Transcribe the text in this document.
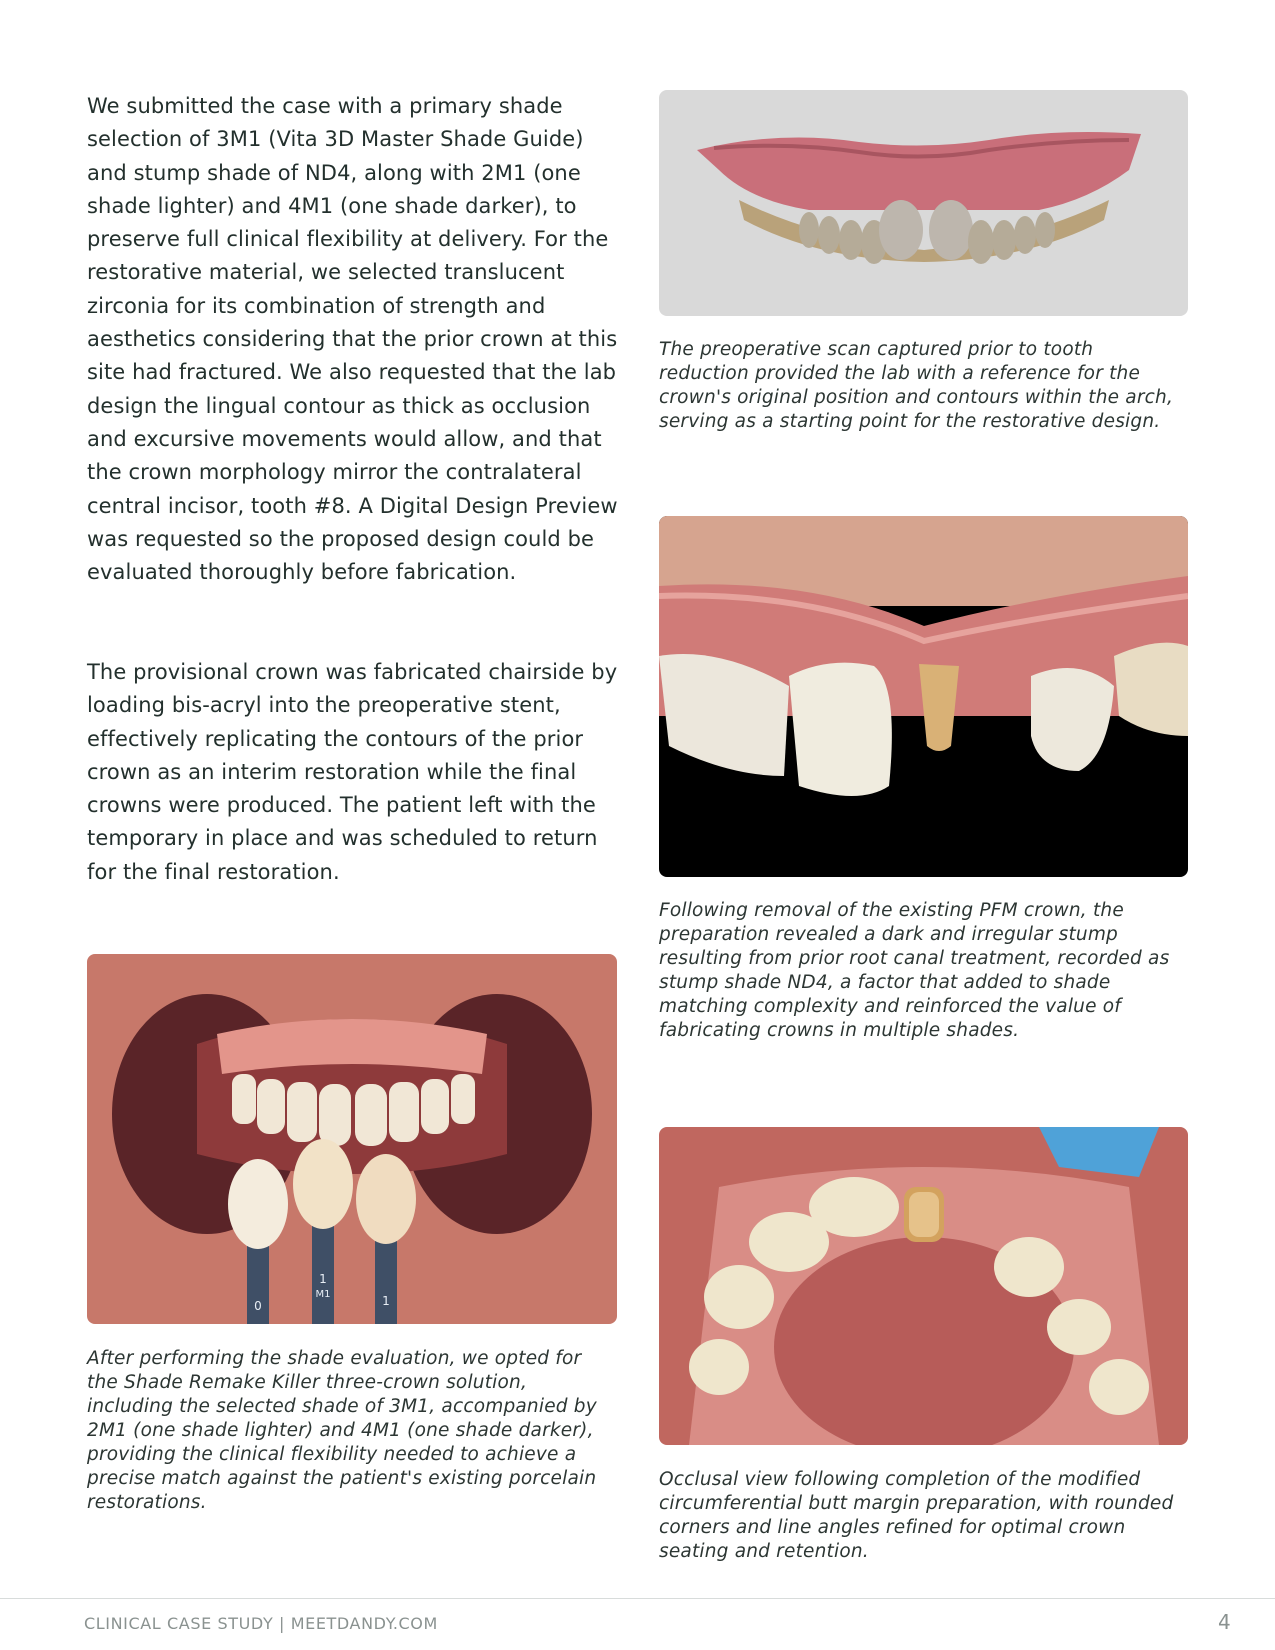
We submitted the case with a primary shade selection of 3M1 (Vita 3D Master Shade Guide) and stump shade of ND4, along with 2M1 (one shade lighter) and 4M1 (one shade darker), to preserve full clinical flexibility at delivery. For the restorative material, we selected translucent zirconia for its combination of strength and aesthetics considering that the prior crown at this site had fractured. We also requested that the lab design the lingual contour as thick as occlusion and excursive movements would allow, and that the crown morphology mirror the contralateral central incisor, tooth #8. A Digital Design Preview was requested so the proposed design could be evaluated thoroughly before fabrication.

The provisional crown was fabricated chairside by loading bis-acryl into the preoperative stent, effectively replicating the contours of the prior crown as an interim restoration while the final crowns were produced. The patient left with the temporary in place and was scheduled to return for the final restoration.

The preoperative scan captured prior to tooth reduction provided the lab with a reference for the crown's original position and contours within the arch, serving as a starting point for the restorative design.
Following removal of the existing PFM crown, the preparation revealed a dark and irregular stump resulting from prior root canal treatment, recorded as stump shade ND4, a factor that added to shade matching complexity and reinforced the value of fabricating crowns in multiple shades.
0
1
M1	1
After performing the shade evaluation, we opted for the Shade Remake Killer three-crown solution, including the selected shade of 3M1, accompanied by 2M1 (one shade lighter) and 4M1 (one shade darker), providing the clinical flexibility needed to achieve a precise match against the patient's existing porcelain restorations.
Occlusal view following completion of the modified circumferential butt margin preparation, with rounded corners and line angles refined for optimal crown seating and retention.
CLINICAL CASE STUDY | MEETDANDY.COM	4
